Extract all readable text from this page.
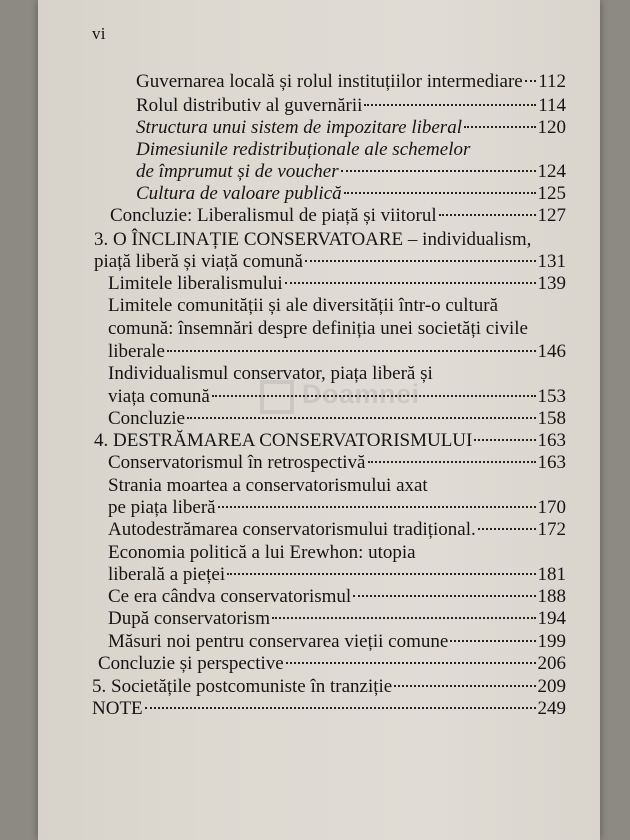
vi
Guvernarea locală și rolul instituțiilor intermediare 112
Rolul distributiv al guvernării	114
Structura unui sistem de impozitare liberal	120
Dimesiunile redistribuționale ale schemelor
de împrumut și de voucher	124
Cultura de valoare publică	125
Concluzie: Liberalismul de piață și viitorul	127
3. O ÎNCLINAȚIE CONSERVATOARE – individualism,
piață liberă și viață comună	131
Limitele liberalismului	139
Limitele comunității și ale diversității într-o cultură
comună: însemnări despre definiția unei societăți civile
liberale	146
Individualismul conservator, piața liberă și
viața comună	153
Concluzie	158
4. DESTRĂMAREA CONSERVATORISMULUI	163
Conservatorismul în retrospectivă	163
Strania moartea a conservatorismului axat
pe piața liberă	170
Autodestrămarea conservatorismului tradițional.	172
Economia politică a lui Erewhon: utopia
liberală a pieței	181
Ce era cândva conservatorismul	188
După conservatorism	194
Măsuri noi pentru conservarea vieții comune	199
Concluzie și perspective	206
5. Societățile postcomuniste în tranziție	209
NOTE	249
Doamnei
